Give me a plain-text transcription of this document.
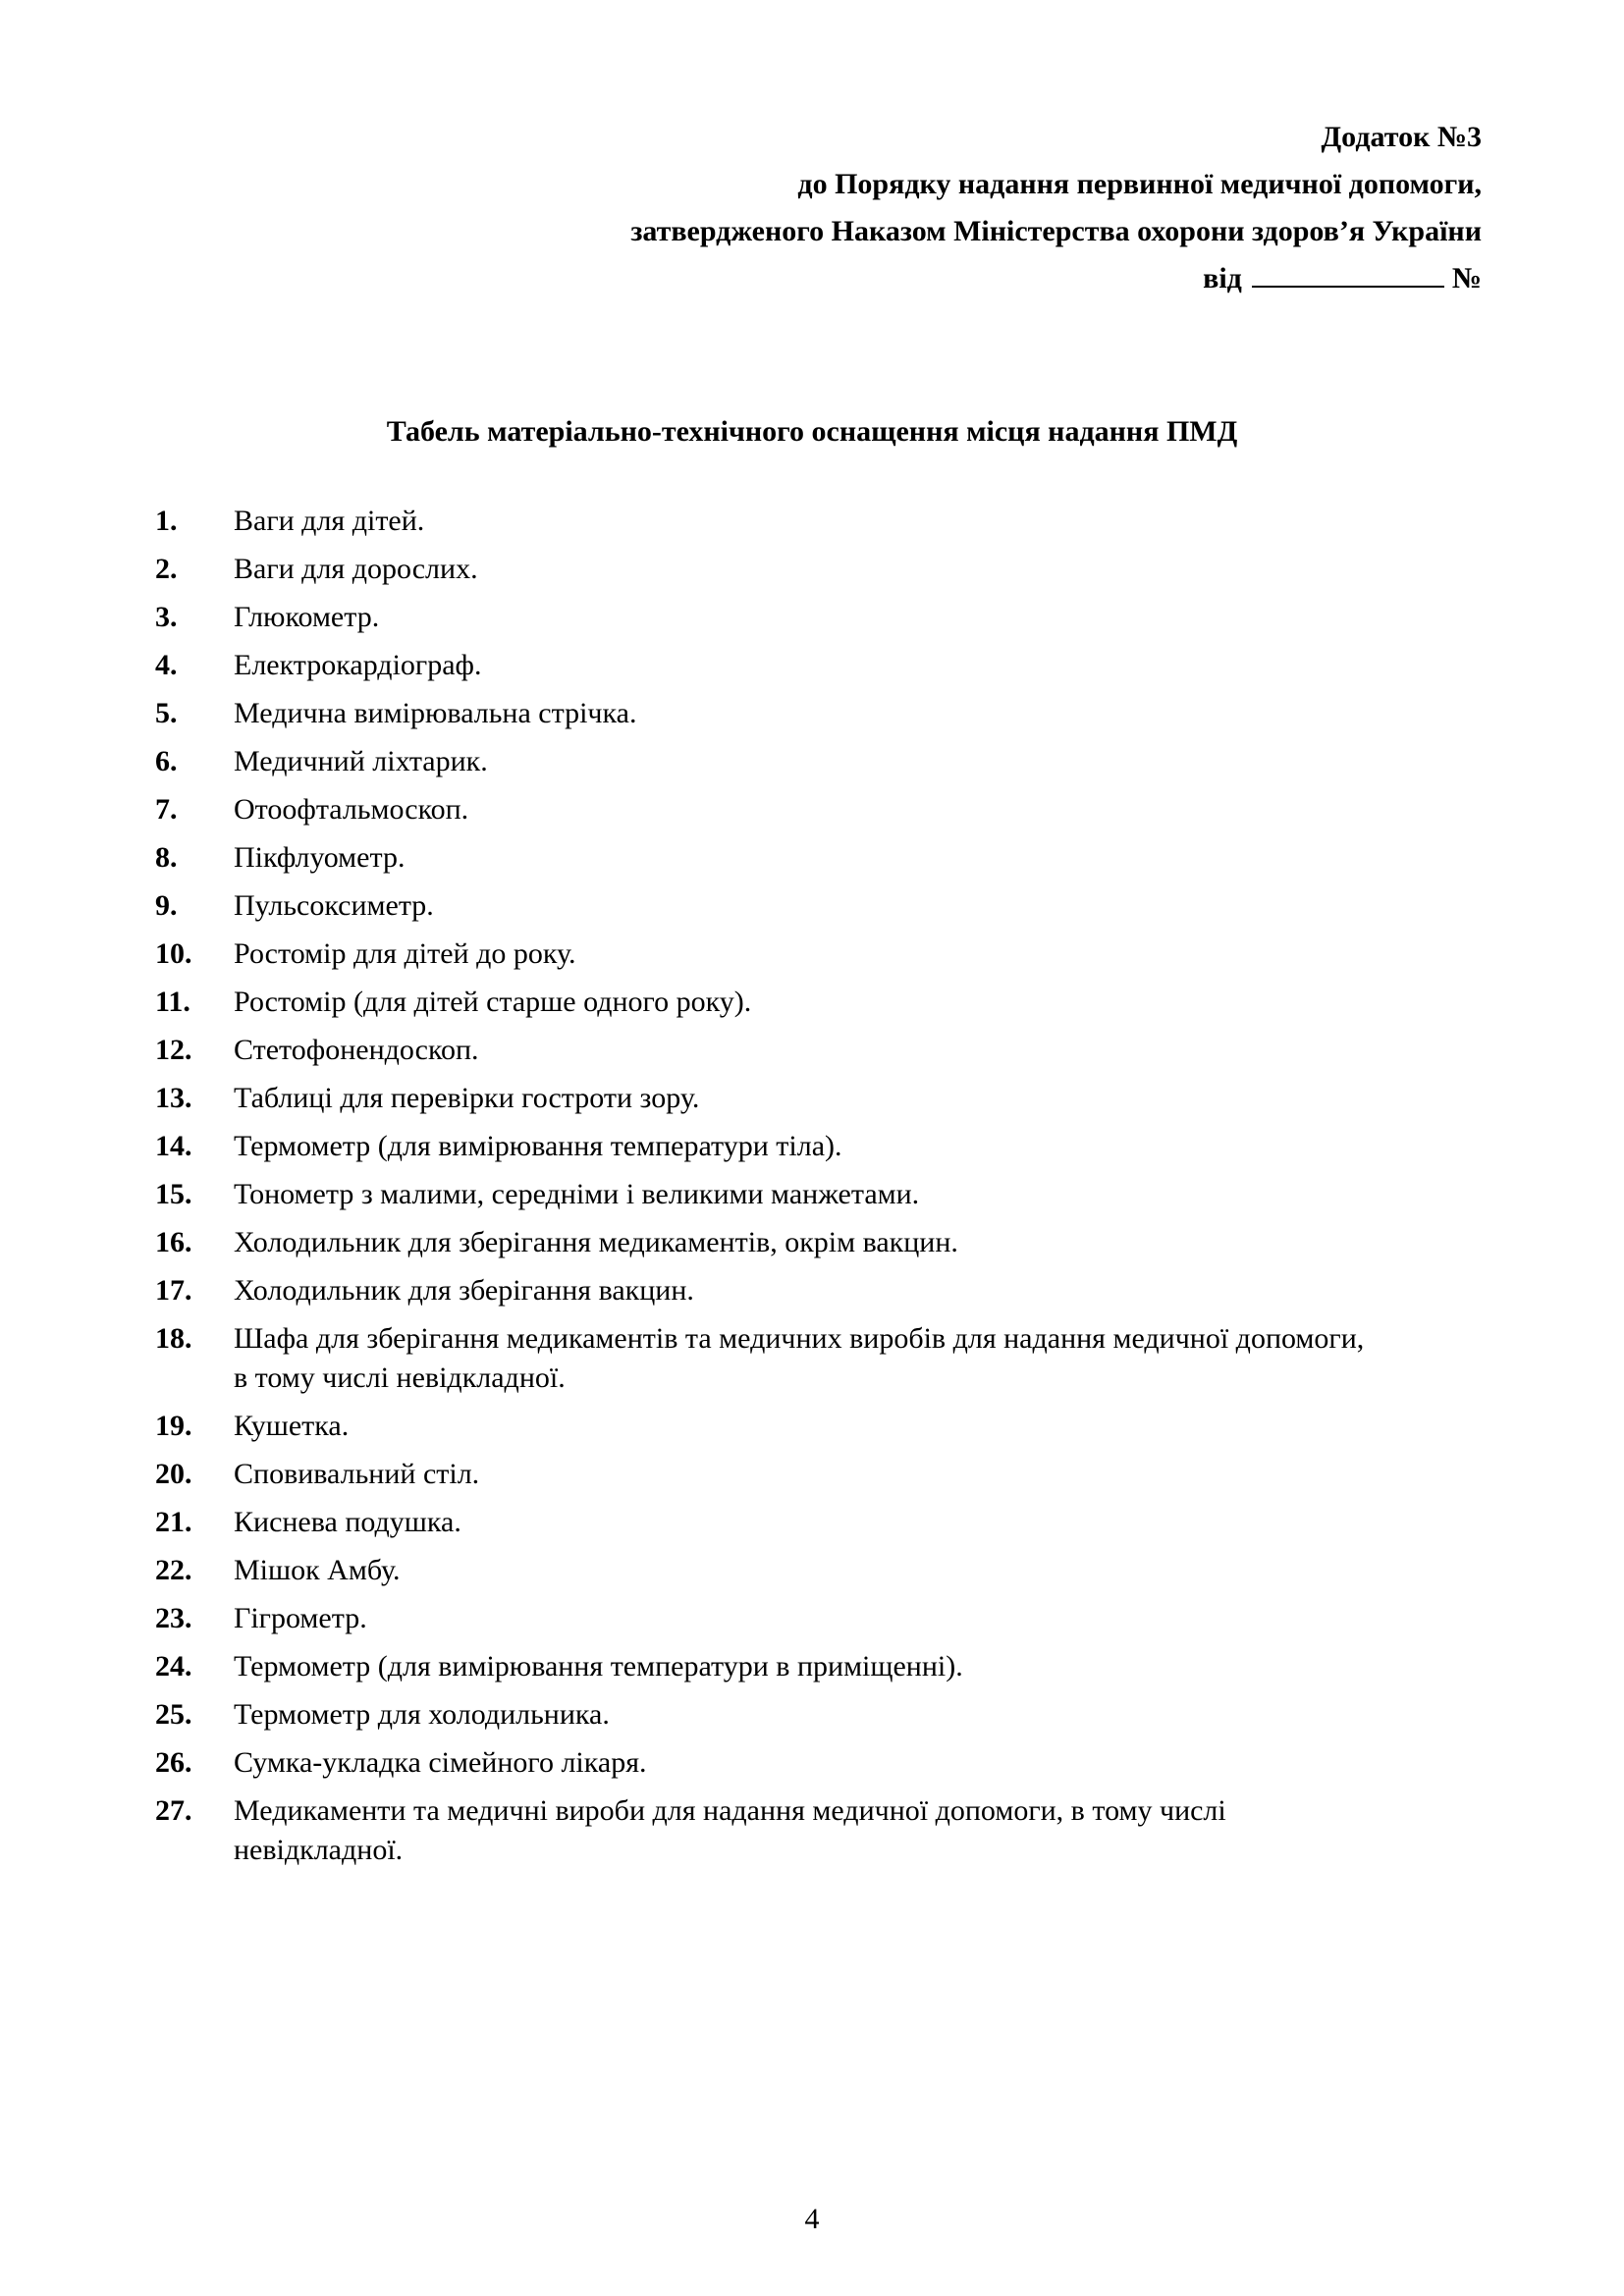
Додаток №3
до Порядку надання первинної медичної допомоги,
затвердженого Наказом Міністерства охорони здоров’я України
від	№
Табель матеріально-технічного оснащення місця надання ПМД
1.	Ваги для дітей.
2.	Ваги для дорослих.
3.	Глюкометр.
4.	Електрокардіограф.
5.	Медична вимірювальна стрічка.
6.	Медичний ліхтарик.
7.	Отоофтальмоскоп.
8.	Пікфлуометр.
9.	Пульсоксиметр.
10.	Ростомір для дітей до року.
11.	Ростомір (для дітей старше одного року).
12.	Стетофонендоскоп.
13.	Таблиці для перевірки гостроти зору.
14.	Термометр (для вимірювання температури тіла).
15.	Тонометр з малими, середніми і великими манжетами.
16.	Холодильник для зберігання медикаментів, окрім вакцин.
17.	Холодильник для зберігання вакцин.
18.	Шафа для зберігання медикаментів та медичних виробів для надання медичної допомоги, в тому числі невідкладної.
19.	Кушетка.
20.	Сповивальний стіл.
21.	Киснева подушка.
22.	Мішок Амбу.
23.	Гігрометр.
24.	Термометр (для вимірювання температури в приміщенні).
25.	Термометр для холодильника.
26.	Сумка-укладка сімейного лікаря.
27.	Медикаменти та медичні вироби для надання медичної допомоги, в тому числі невідкладної.
4
